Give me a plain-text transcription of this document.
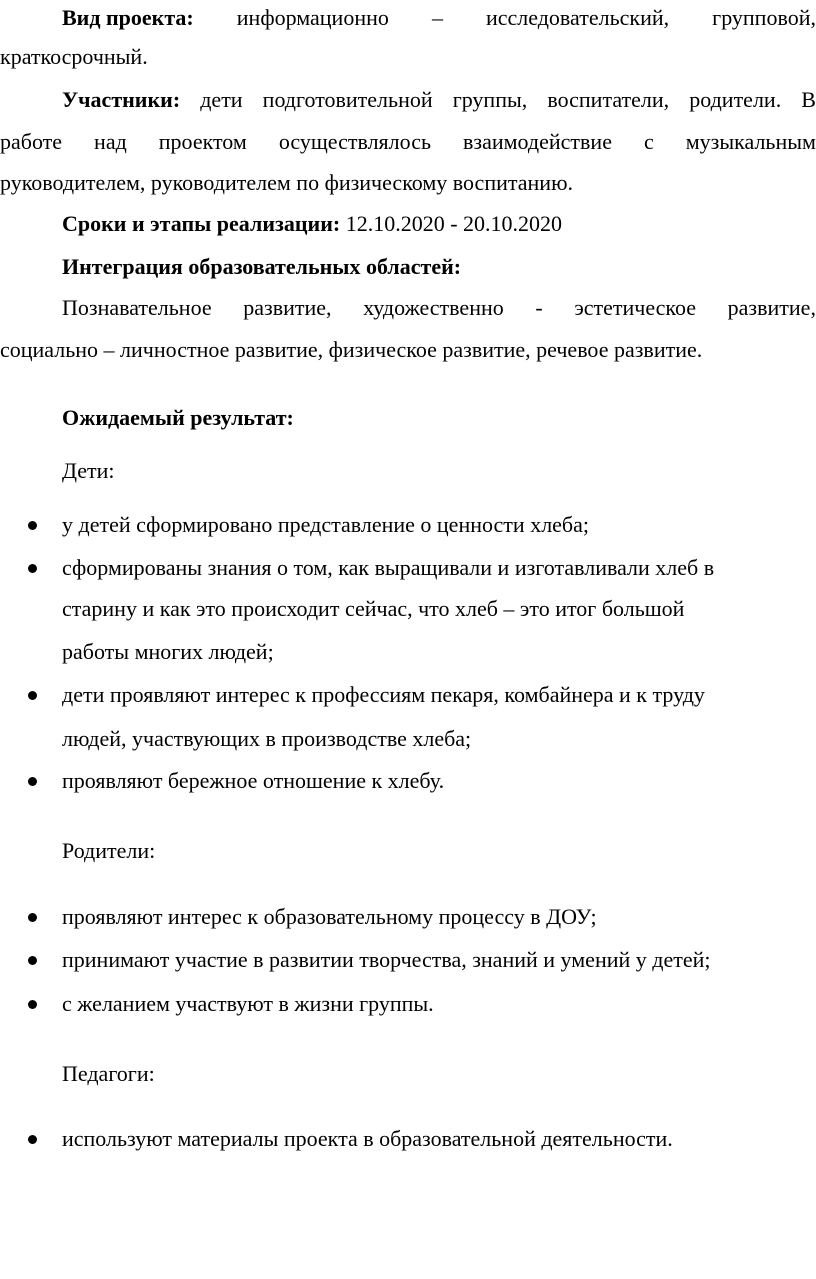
Вид проекта: информационно – исследовательский, групповой,
краткосрочный.
Участники: дети подготовительной группы, воспитатели, родители. В
работе над проектом осуществлялось взаимодействие с музыкальным
руководителем, руководителем по физическому воспитанию.
Сроки и этапы реализации: 12.10.2020 - 20.10.2020
Интеграция образовательных областей:
Познавательное развитие, художественно - эстетическое развитие,
социально – личностное развитие, физическое развитие, речевое развитие.
Ожидаемый результат:
Дети:
у детей сформировано представление о ценности хлеба;
сформированы знания о том, как выращивали и изготавливали хлеб в
старину и как это происходит сейчас, что хлеб – это итог большой
работы многих людей;
дети проявляют интерес к профессиям пекаря, комбайнера и к труду
людей, участвующих в производстве хлеба;
проявляют бережное отношение к хлебу.
Родители:
проявляют интерес к образовательному процессу в ДОУ;
принимают участие в развитии творчества, знаний и умений у детей;
с желанием участвуют в жизни группы.
Педагоги:
используют материалы проекта в образовательной деятельности.
